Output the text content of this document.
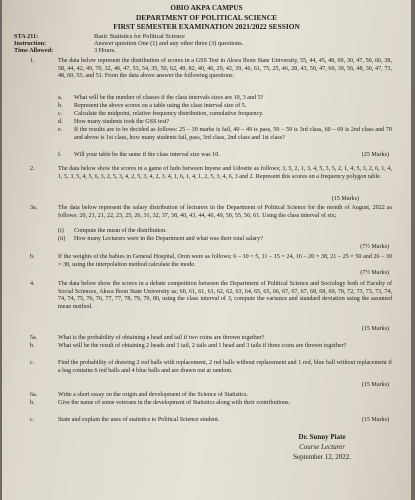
OBIO AKPA CAMPUS
DEPARTMENT OF POLITICAL SCIENCE
FIRST SEMESTER EXAMINATION 2021/2022 SESSION
STA 211:	Basic Statistics for Political Science
Instruction:	Answer question One (1) and any other three (3) questions.
Time Allowed:	3 Hours.
1.	The data below represent the distribution of scores in a GSS Test in Akwa Ibom State University, 55, 44, 45, 48, 69, 30, 47, 50, 66, 38, 58, 44, 42, 49, 70, 32, 46, 47, 53, 54, 35, 50, 62, 49, 82, 40, 46, 29, 42, 39, 46, 61, 75, 25, 46, 28, 43, 50, 47, 60, 39, 56, 48, 30, 47, 73, 48, 60, 55, and 51. From the data above answer the following questions:
a. What will be the number of classes if the class intervals sizes are 10, 3 and 5?
b. Represent the above scores on a table using the class interval size of 5.
c. Calculate the midpoint, relative frequency distribution, cumulative frequency.
d. How many students took the GSS test?
e. If the results are to be decided as follows: 25 – 39 marks is fail, 40 – 49 is pass, 50 – 59 is 3rd class, 60 – 69 is 2nd class and 70 and above is 1st class, how many students fail, pass, 3rd class, 2nd class and 1st class?
f. Will your table be the same if the class interval size was 10.	(25 Marks)
2.	The data below show the scores in a game of ludo between Inyene and Udoette as follows; 3, 5, 2, 1, 3, 4, 5, 3, 5, 2, 1, 4, 5, 3, 2, 6, 1, 4, 1, 5, 3, 5, 4, 5, 6, 3, 2, 5, 3, 4, 2, 5, 3, 4, 2, 3, 4, 1, 6, 1, 4, 1, 2, 5, 3, 4, 6, 3 and 2. Represent this scores on a frequency polygon table.
(15 Marks)
3a.	The data below represent the salary distribution of lecturers in the Department of Political Science for the month of August, 2022 as follows: 20, 21, 21, 22, 23, 25, 26, 31, 32, 37, 38, 40, 43, 44, 46, 49, 50, 55, 56, 61. Using the class interval of six;
(i) Compute the mean of the distribution.
(ii) How many Lecturers were in the Department and what was their total salary?
(7½ Marks)
b.	If the weights of the babies in General Hospital, Oron were as follows; 6 – 10 = 5, 11 – 15 = 24, 16 – 20 = 38, 21 – 25 = 50 and 26 – 30 = 38, using the interpolation method calculate the mode.
(7½ Marks)
4.	The data below show the scores in a debate competition between the Department of Political Science and Sociology both of Faculty of Social Sciences, Akwa Ibom State University as; 60, 61, 61, 61, 62, 62, 63, 64, 65, 65, 66, 67, 67, 67, 68, 68, 69, 70, 72, 73, 73, 73, 74, 74, 74, 75, 76, 76, 77, 77, 78, 79, 79, 80, using the class interval of 3, compute the variance and standard deviation using the assumed mean method.
(15 Marks)
5a.	What is the probability of obtaining a head and tail if two coins are thrown together?
b.	What will be the result of obtaining 2 heads and 1 tail, 2 tails and 1 head and 3 tails if three coins are thrown together?
c.	Find the probability of drawing 2 red balls with replacement, 2 red balls without replacement and 1 red, blue ball without replacement if a bag contains 6 red balls and 4 blue balls and are drawn out at random.
(15 Marks)
6a.	Write a short essay on the origin and development of the Science of Statistics.
b.	Give the name of some veterans in the development of Statistics along with their contributions.
c.	State and explain the uses of statistics to Political Science student.	(15 Marks)
Dr. Sunny Piate
Course Lecturer
September 12, 2022.
